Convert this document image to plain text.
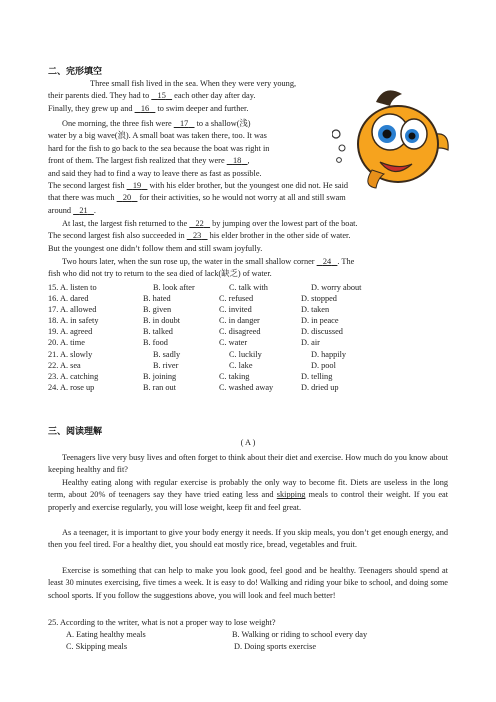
二、完形填空
Three small fish lived in the sea. When they were very young,
their parents died. They had to 15 each other day after day.
Finally, they grew up and 16 to swim deeper and further.
One morning, the three fish were 17 to a shallow(浅)
water by a big wave(浪). A small boat was taken there, too. It was
hard for the fish to go back to the sea because the boat was right in
front of them. The largest fish realized that they were 18 ,
and said they had to find a way to leave there as fast as possible.
The second largest fish 19 with his elder brother, but the youngest one did not. He said
that there was much 20 for their activities, so he would not worry at all and still swam
around 21 .
At last, the largest fish returned to the 22 by jumping over the lowest part of the boat.
The second largest fish also succeeded in 23 his elder brother in the other side of water.
But the youngest one didn’t follow them and still swam joyfully.
Two hours later, when the sun rose up, the water in the small shallow corner 24 . The
fish who did not try to return to the sea died of lack(缺乏) of water.
15. A. listen to	B. look after	C. talk with	D. worry about
16. A. dared	B. hated	C. refused	D. stopped
17. A. allowed	B. given	C. invited	D. taken
18. A. in safety	B. in doubt	C. in danger	D. in peace
19. A. agreed	B. talked	C. disagreed	D. discussed
20. A. time	B. food	C. water	D. air
21. A. slowly	B. sadly	C. luckily	D. happily
22. A. sea	B. river	C. lake	D. pool
23. A. catching	B. joining	C. taking	D. telling
24. A. rose up	B. ran out	C. washed away	D. dried up
三、阅读理解
( A )
Teenagers live very busy lives and often forget to think about their diet and exercise. How much do you know about keeping healthy and fit?
Healthy eating along with regular exercise is probably the only way to become fit. Diets are useless in the long term, about 20% of teenagers say they have tried eating less and skipping meals to control their weight. If you eat properly and exercise regularly, you will lose weight, keep fit and feel great.
As a teenager, it is important to give your body energy it needs. If you skip meals, you don’t get enough energy, and then you feel tired. For a healthy diet, you should eat mostly rice, bread, vegetables and fruit.
Exercise is something that can help to make you look good, feel good and be healthy. Teenagers should spend at least 30 minutes exercising, five times a week. It is easy to do! Walking and riding your bike to school, and doing some school sports. If you follow the suggestions above, you will look and feel much better!
25. According to the writer, what is not a proper way to lose weight?
A. Eating healthy meals	B. Walking or riding to school every day
C. Skipping meals	D. Doing sports exercise
